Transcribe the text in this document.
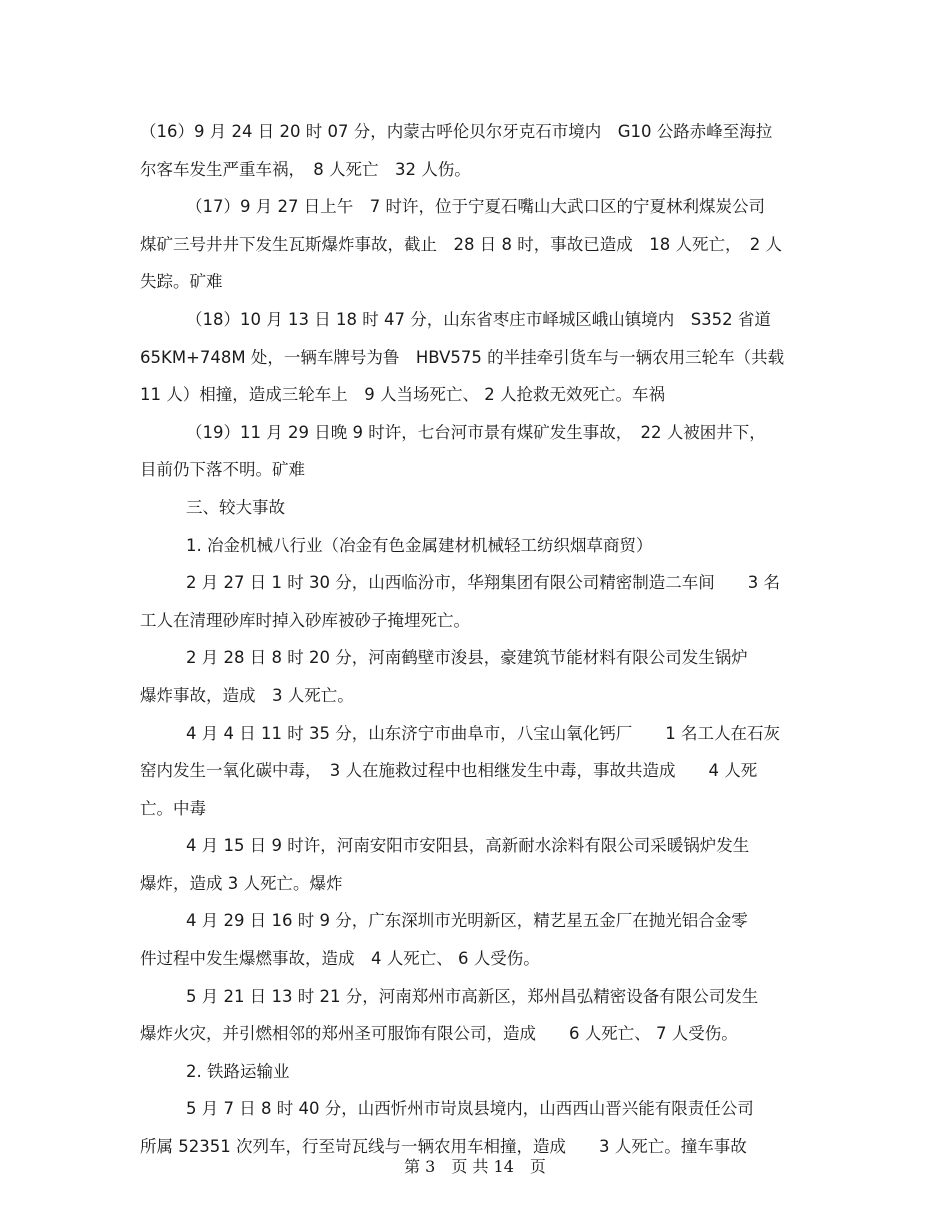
（16）9 月 24 日 20 时 07 分，内蒙古呼伦贝尔牙克石市境内　G10 公路赤峰至海拉
尔客车发生严重车祸，　8 人死亡　32 人伤。
（17）9 月 27 日上午　7 时许，位于宁夏石嘴山大武口区的宁夏林利煤炭公司
煤矿三号井井下发生瓦斯爆炸事故，截止　28 日 8 时，事故已造成　18 人死亡，　2 人
失踪。矿难
（18）10 月 13 日 18 时 47 分，山东省枣庄市峄城区峨山镇境内　S352 省道
65KM+748M 处，一辆车牌号为鲁　HBV575 的半挂牵引货车与一辆农用三轮车（共载
11 人）相撞，造成三轮车上　9 人当场死亡、 2 人抢救无效死亡。车祸
（19）11 月 29 日晚 9 时许，七台河市景有煤矿发生事故，　22 人被困井下，
目前仍下落不明。矿难
三、较大事故
1. 冶金机械八行业（冶金有色金属建材机械轻工纺织烟草商贸）
2 月 27 日 1 时 30 分，山西临汾市，华翔集团有限公司精密制造二车间　　3 名
工人在清理砂库时掉入砂库被砂子掩埋死亡。
2 月 28 日 8 时 20 分，河南鹤壁市浚县，豪建筑节能材料有限公司发生锅炉
爆炸事故，造成　3 人死亡。
4 月 4 日 11 时 35 分，山东济宁市曲阜市，八宝山氧化钙厂　　1 名工人在石灰
窑内发生一氧化碳中毒，　3 人在施救过程中也相继发生中毒，事故共造成　　4 人死
亡。中毒
4 月 15 日 9 时许，河南安阳市安阳县，高新耐水涂料有限公司采暖锅炉发生
爆炸，造成 3 人死亡。爆炸
4 月 29 日 16 时 9 分，广东深圳市光明新区，精艺星五金厂在抛光铝合金零
件过程中发生爆燃事故，造成　4 人死亡、 6 人受伤。
5 月 21 日 13 时 21 分，河南郑州市高新区，郑州昌弘精密设备有限公司发生
爆炸火灾，并引燃相邻的郑州圣可服饰有限公司，造成　　6 人死亡、 7 人受伤。
2. 铁路运输业
5 月 7 日 8 时 40 分，山西忻州市岢岚县境内，山西西山晋兴能有限责任公司
所属 52351 次列车，行至岢瓦线与一辆农用车相撞，造成　　3 人死亡。撞车事故
第 3　页 共 14　页
